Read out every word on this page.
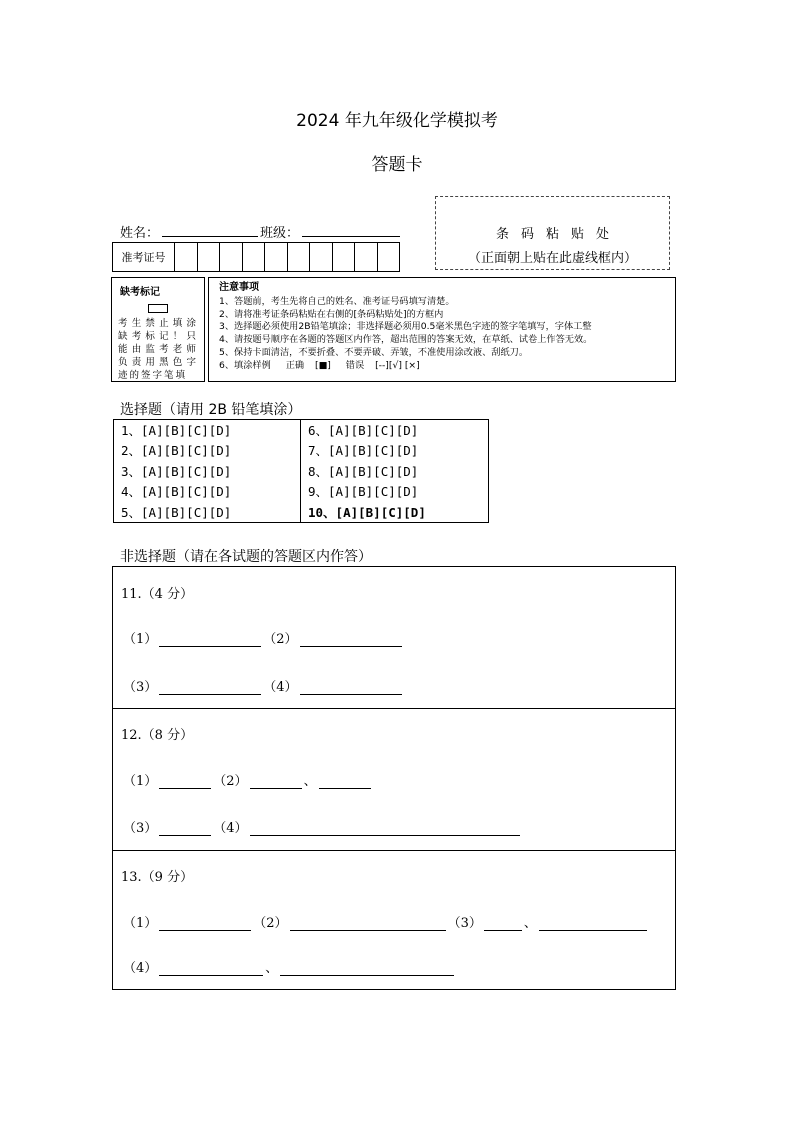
2024 年九年级化学模拟考
答题卡
姓名：	班级：
准考证号
条码粘贴处
（正面朝上贴在此虚线框内）
缺考标记
考生禁止填涂缺考标记！只能由监考老师负责用黑色字迹的签字笔填
注意事项
1、答题前，考生先将自己的姓名、准考证号码填写清楚。
2、请将准考证条码粘贴在右侧的[条码粘贴处]的方框内
3、选择题必须使用2B铅笔填涂；非选择题必须用0.5毫米黑色字迹的签字笔填写，字体工整
4、请按题号顺序在各题的答题区内作答，超出范围的答案无效，在草纸、试卷上作答无效。
5、保持卡面清洁，不要折叠、不要弄破、弄皱，不准使用涂改液、刮纸刀。
6、填涂样例 正确 [■] 错误 [--][√] [×]
选择题（请用 2B 铅笔填涂）
1、[A][B][C][D]
2、[A][B][C][D]
3、[A][B][C][D]
4、[A][B][C][D]
5、[A][B][C][D]
6、[A][B][C][D]
7、[A][B][C][D]
8、[A][B][C][D]
9、[A][B][C][D]
10、[A][B][C][D]
非选择题（请在各试题的答题区内作答）
11.（4 分）
（1）	（2）
（3）	（4）
12.（8 分）
（1）	（2）	、
（3）	（4）
13.（9 分）
（1）	（2）	（3）	、
（4）	、
